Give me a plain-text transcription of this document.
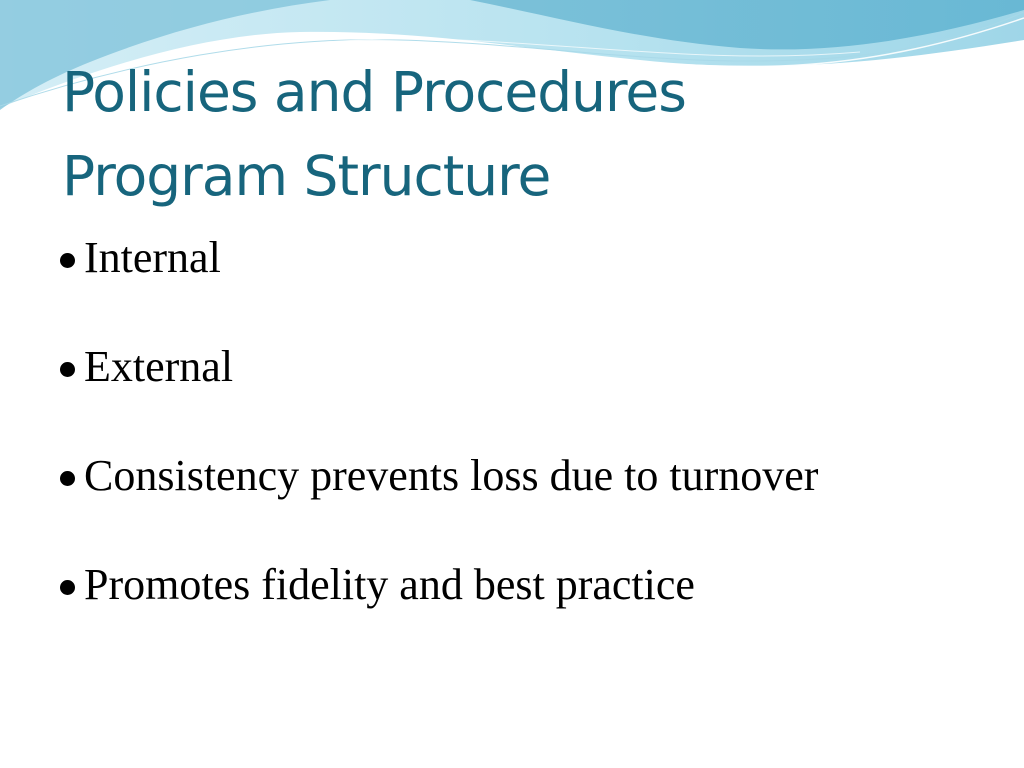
Policies and Procedures
Program Structure
Internal
External
Consistency prevents loss due to turnover
Promotes fidelity and best practice
